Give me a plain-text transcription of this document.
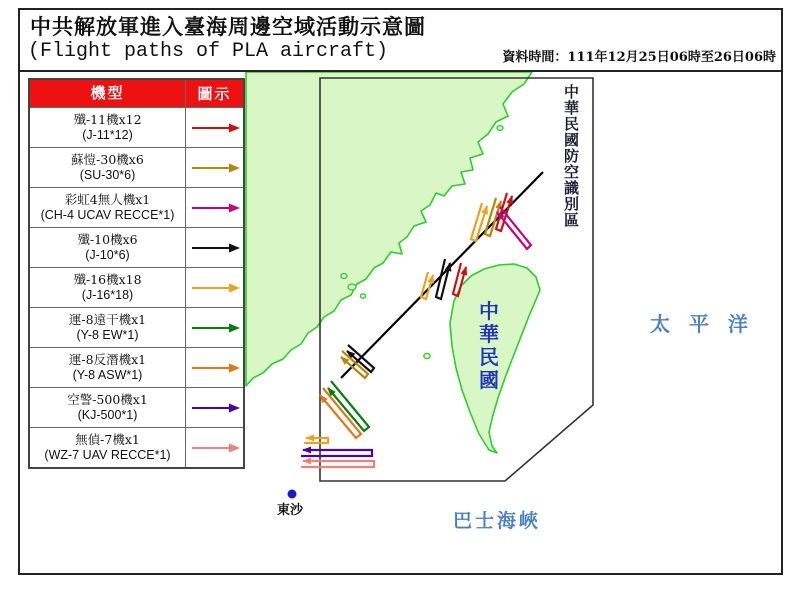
中共解放軍進入臺海周邊空域活動示意圖
(Flight paths of PLA aircraft)	資料時間：111年12月25日06時至26日06時
機型	圖示
殲-11機x12
(J-11*12)
蘇愷-30機x6
(SU-30*6)
彩虹4無人機x1
(CH-4 UCAV RECCE*1)
殲-10機x6
(J-10*6)
殲-16機x18
(J-16*18)
運-8遠干機x1
(Y-8 EW*1)
運-8反潛機x1
(Y-8 ASW*1)
空警-500機x1
(KJ-500*1)
無偵-7機x1
(WZ-7 UAV RECCE*1)
中華民國防空識別區
中華民國
太 平 洋
巴士海峽
東沙
